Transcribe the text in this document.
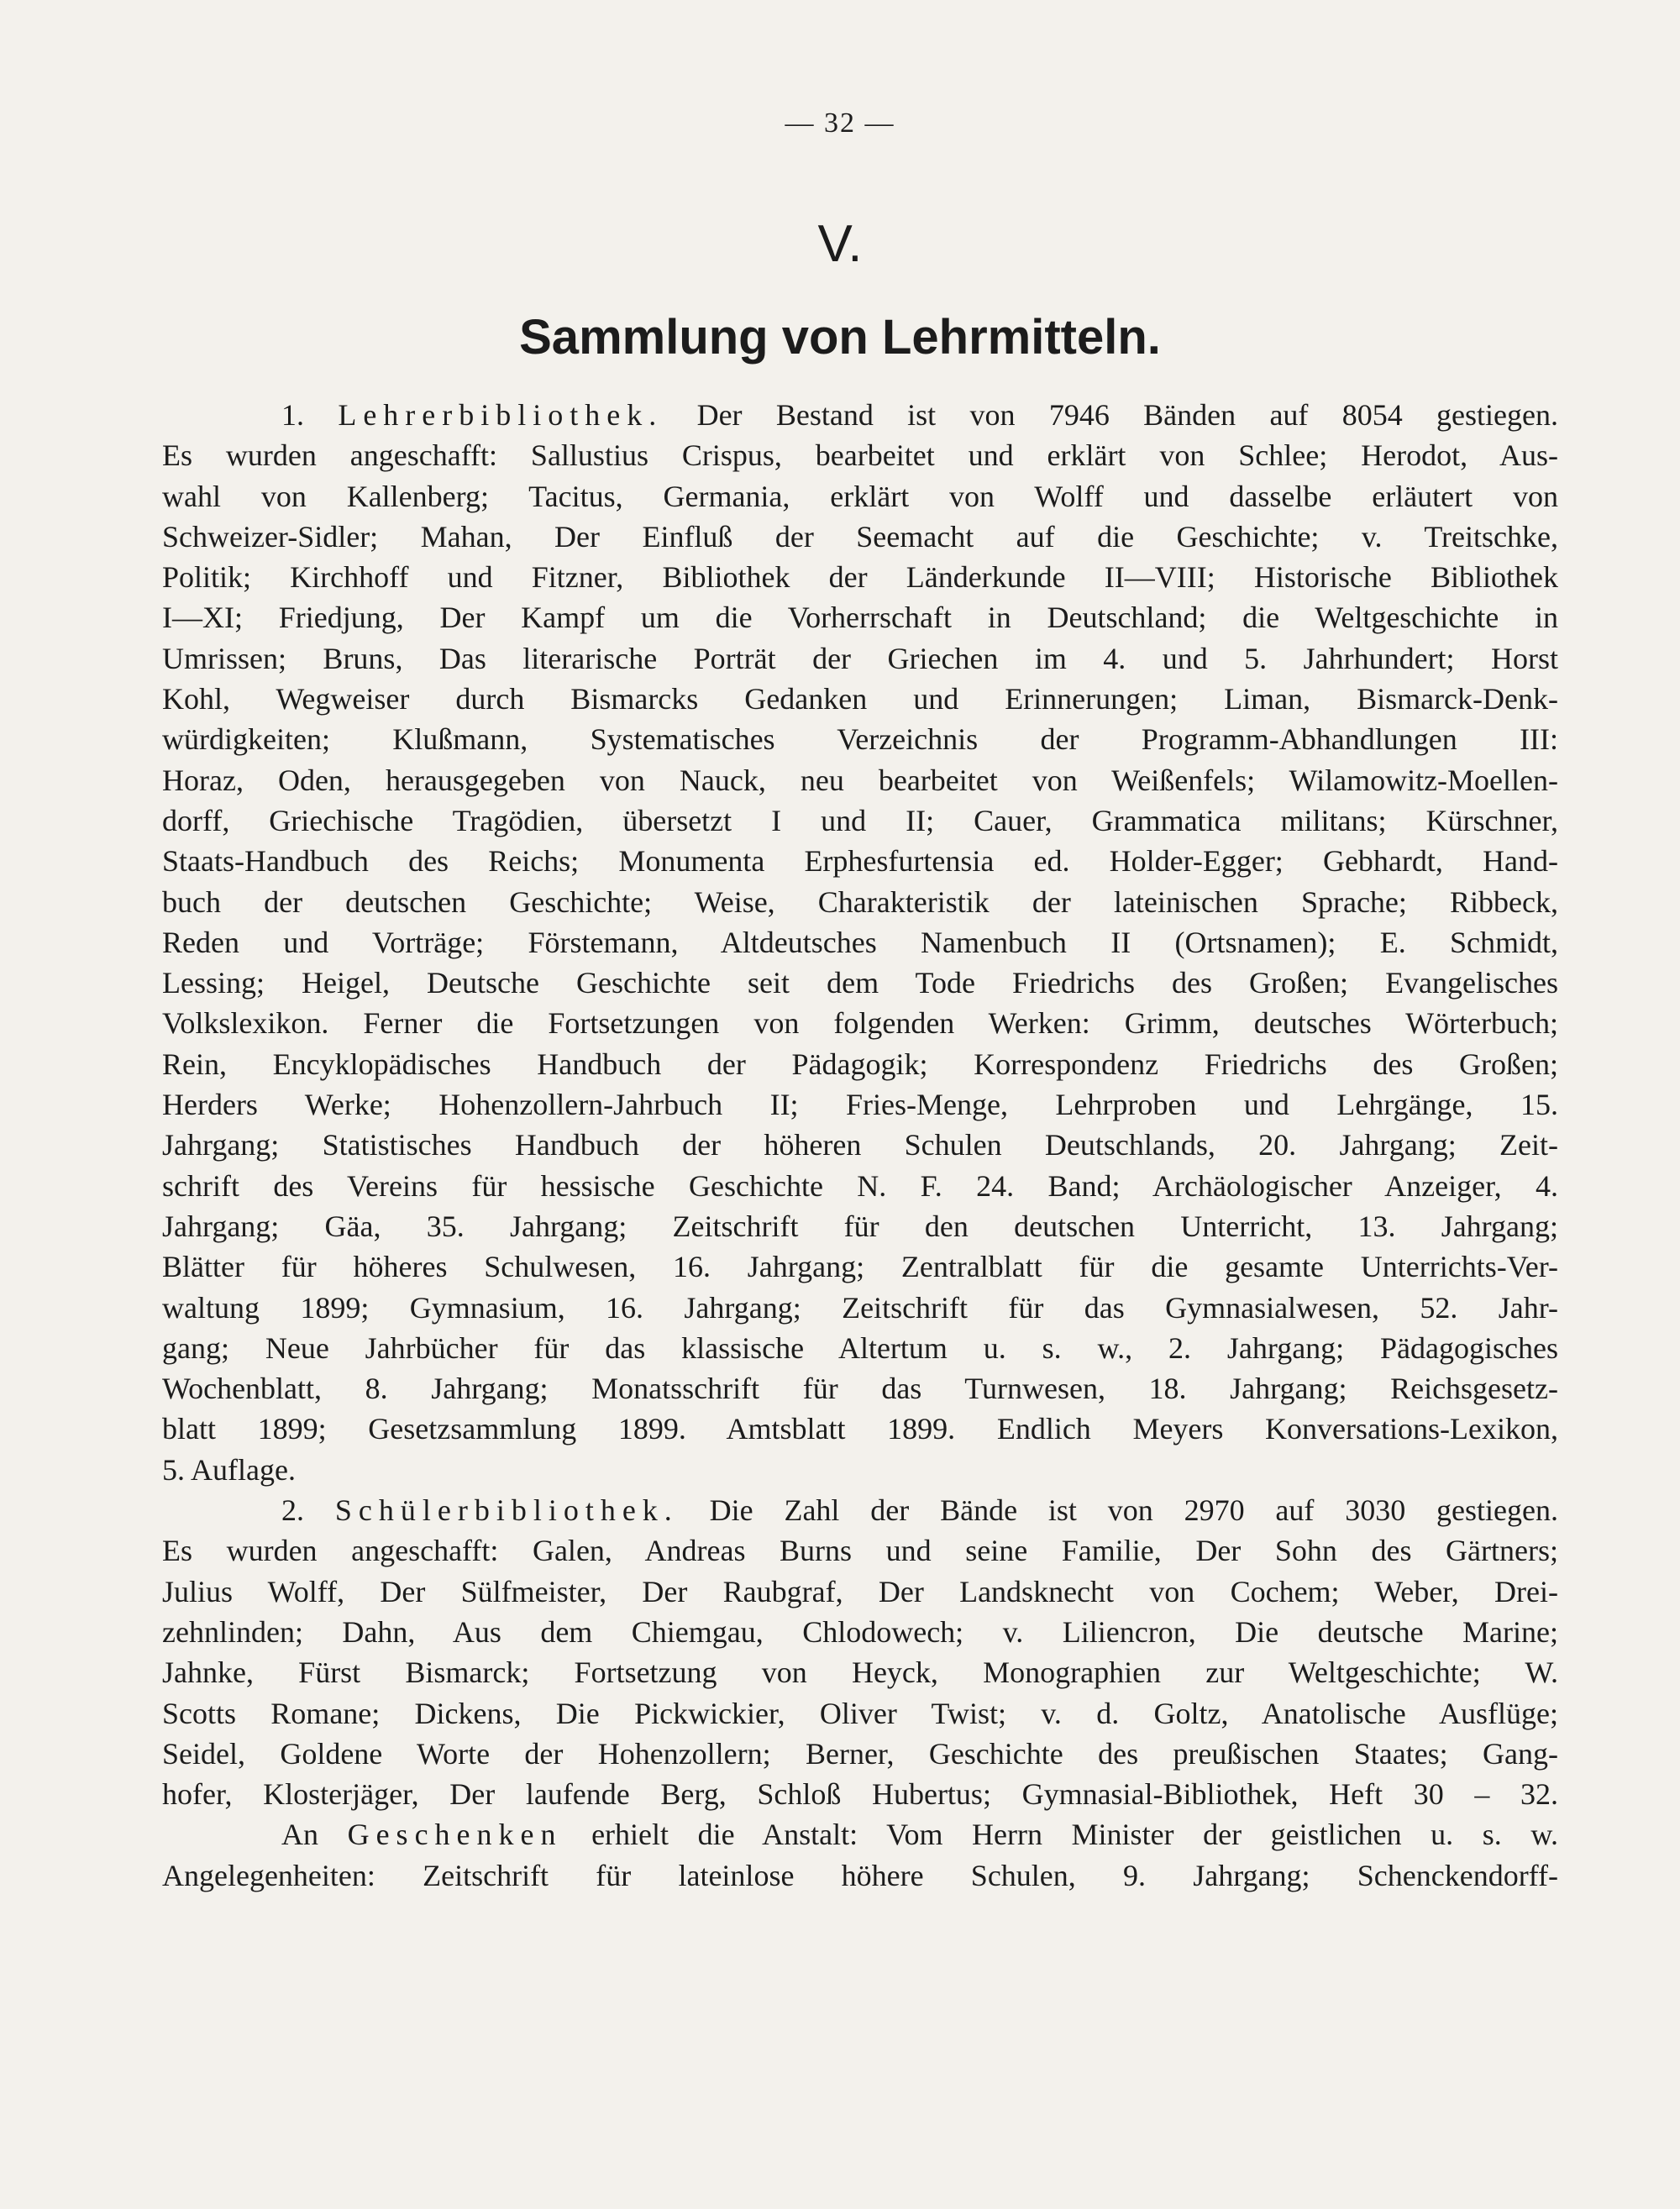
— 32 —
V.
Sammlung von Lehrmitteln.
1. Lehrerbibliothek. Der Bestand ist von 7946 Bänden auf 8054 gestiegen.
Es wurden angeschafft: Sallustius Crispus, bearbeitet und erklärt von Schlee; Herodot, Aus-
wahl von Kallenberg; Tacitus, Germania, erklärt von Wolff und dasselbe erläutert von
Schweizer-Sidler; Mahan, Der Einfluß der Seemacht auf die Geschichte; v. Treitschke,
Politik; Kirchhoff und Fitzner, Bibliothek der Länderkunde II—VIII; Historische Bibliothek
I—XI; Friedjung, Der Kampf um die Vorherrschaft in Deutschland; die Weltgeschichte in
Umrissen; Bruns, Das literarische Porträt der Griechen im 4. und 5. Jahrhundert; Horst
Kohl, Wegweiser durch Bismarcks Gedanken und Erinnerungen; Liman, Bismarck-Denk-
würdigkeiten; Klußmann, Systematisches Verzeichnis der Programm-Abhandlungen III:
Horaz, Oden, herausgegeben von Nauck, neu bearbeitet von Weißenfels; Wilamowitz-Moellen-
dorff, Griechische Tragödien, übersetzt I und II; Cauer, Grammatica militans; Kürschner,
Staats-Handbuch des Reichs; Monumenta Erphesfurtensia ed. Holder-Egger; Gebhardt, Hand-
buch der deutschen Geschichte; Weise, Charakteristik der lateinischen Sprache; Ribbeck,
Reden und Vorträge; Förstemann, Altdeutsches Namenbuch II (Ortsnamen); E. Schmidt,
Lessing; Heigel, Deutsche Geschichte seit dem Tode Friedrichs des Großen; Evangelisches
Volkslexikon. Ferner die Fortsetzungen von folgenden Werken: Grimm, deutsches Wörterbuch;
Rein, Encyklopädisches Handbuch der Pädagogik; Korrespondenz Friedrichs des Großen;
Herders Werke; Hohenzollern-Jahrbuch II; Fries-Menge, Lehrproben und Lehrgänge, 15.
Jahrgang; Statistisches Handbuch der höheren Schulen Deutschlands, 20. Jahrgang; Zeit-
schrift des Vereins für hessische Geschichte N. F. 24. Band; Archäologischer Anzeiger, 4.
Jahrgang; Gäa, 35. Jahrgang; Zeitschrift für den deutschen Unterricht, 13. Jahrgang;
Blätter für höheres Schulwesen, 16. Jahrgang; Zentralblatt für die gesamte Unterrichts-Ver-
waltung 1899; Gymnasium, 16. Jahrgang; Zeitschrift für das Gymnasialwesen, 52. Jahr-
gang; Neue Jahrbücher für das klassische Altertum u. s. w., 2. Jahrgang; Pädagogisches
Wochenblatt, 8. Jahrgang; Monatsschrift für das Turnwesen, 18. Jahrgang; Reichsgesetz-
blatt 1899; Gesetzsammlung 1899. Amtsblatt 1899. Endlich Meyers Konversations-Lexikon,
5. Auflage.
2. Schülerbibliothek. Die Zahl der Bände ist von 2970 auf 3030 gestiegen.
Es wurden angeschafft: Galen, Andreas Burns und seine Familie, Der Sohn des Gärtners;
Julius Wolff, Der Sülfmeister, Der Raubgraf, Der Landsknecht von Cochem; Weber, Drei-
zehnlinden; Dahn, Aus dem Chiemgau, Chlodowech; v. Liliencron, Die deutsche Marine;
Jahnke, Fürst Bismarck; Fortsetzung von Heyck, Monographien zur Weltgeschichte; W.
Scotts Romane; Dickens, Die Pickwickier, Oliver Twist; v. d. Goltz, Anatolische Ausflüge;
Seidel, Goldene Worte der Hohenzollern; Berner, Geschichte des preußischen Staates; Gang-
hofer, Klosterjäger, Der laufende Berg, Schloß Hubertus; Gymnasial-Bibliothek, Heft 30 – 32.
An Geschenken erhielt die Anstalt: Vom Herrn Minister der geistlichen u. s. w.
Angelegenheiten: Zeitschrift für lateinlose höhere Schulen, 9. Jahrgang; Schenckendorff-
